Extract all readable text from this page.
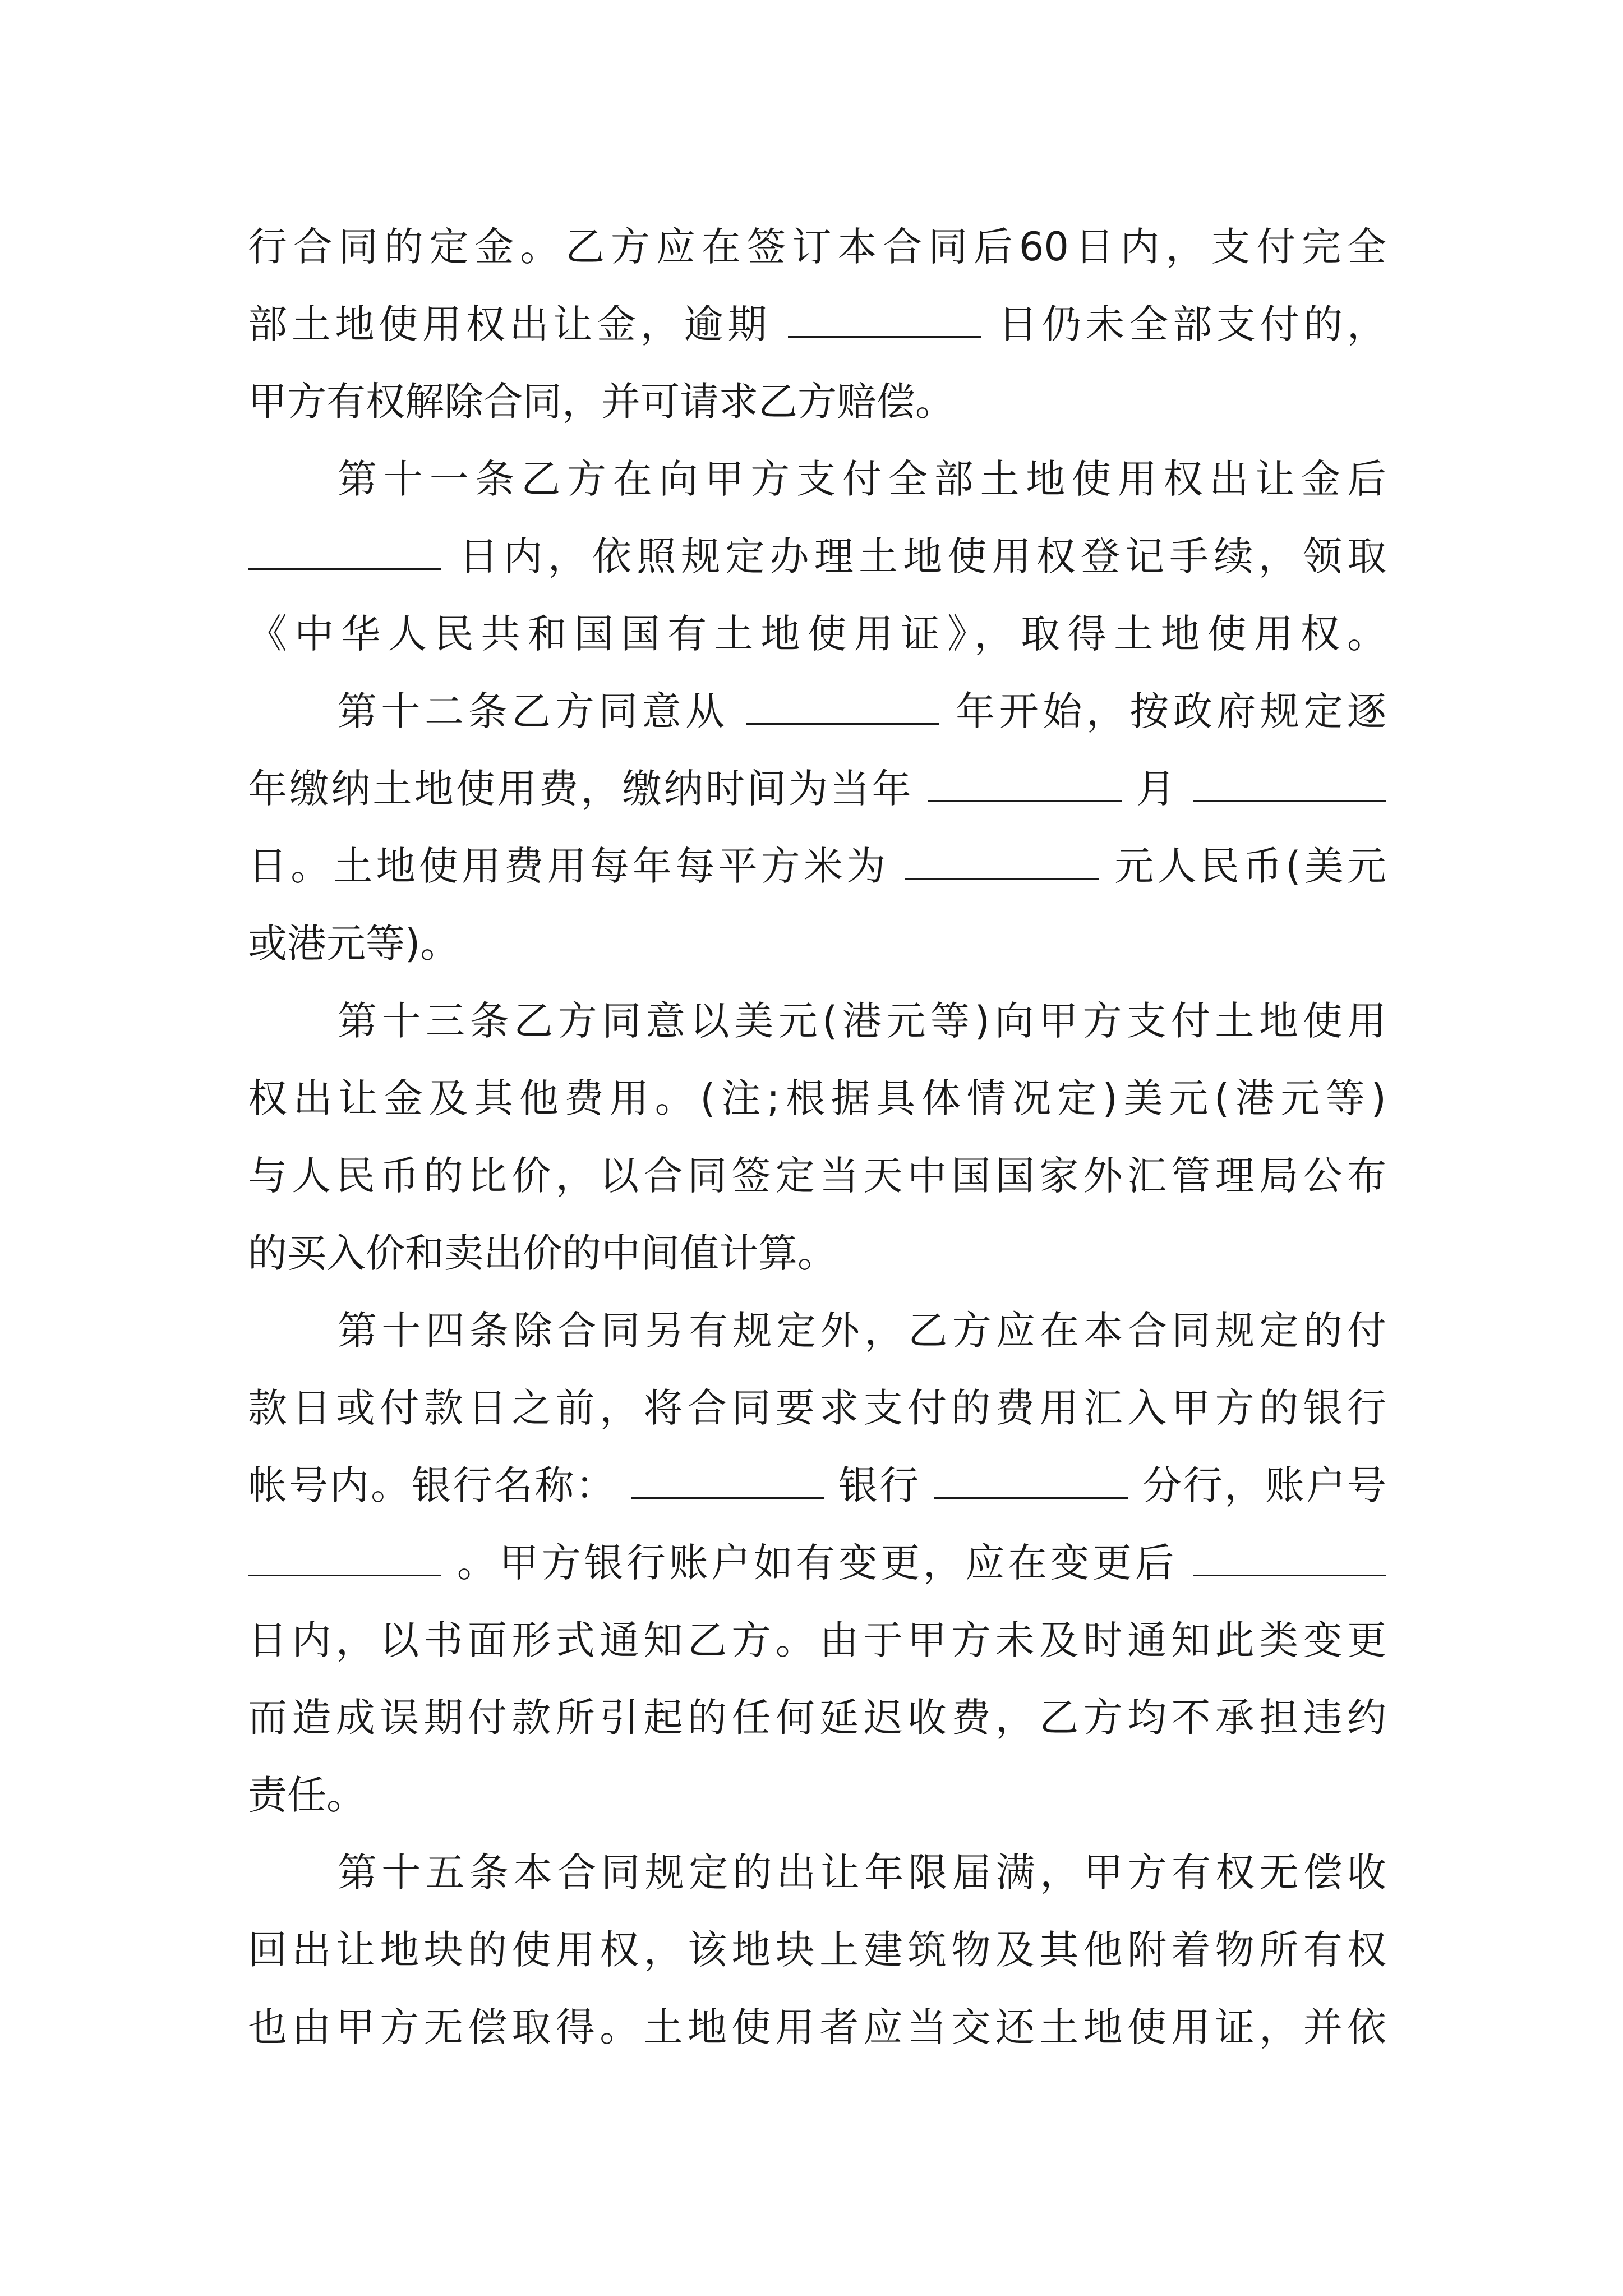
行合同的定金。乙方应在签订本合同后60日内，支付完全
部土地使用权出让金，逾期	日仍未全部支付的，
甲方有权解除合同，并可请求乙方赔偿。
第十一条乙方在向甲方支付全部土地使用权出让金后
日内，依照规定办理土地使用权登记手续，领取
《中华人民共和国国有土地使用证》，取得土地使用权。
第十二条乙方同意从	年开始，按政府规定逐
年缴纳土地使用费，缴纳时间为当年	月
日。土地使用费用每年每平方米为	元人民币(美元
或港元等)。
第十三条乙方同意以美元(港元等)向甲方支付土地使用
权出让金及其他费用。(注;根据具体情况定)美元(港元等)
与人民币的比价，以合同签定当天中国国家外汇管理局公布
的买入价和卖出价的中间值计算。
第十四条除合同另有规定外，乙方应在本合同规定的付
款日或付款日之前，将合同要求支付的费用汇入甲方的银行
帐号内。银行名称：	银行	分行，账户号
。甲方银行账户如有变更，应在变更后
日内，以书面形式通知乙方。由于甲方未及时通知此类变更
而造成误期付款所引起的任何延迟收费，乙方均不承担违约
责任。
第十五条本合同规定的出让年限届满，甲方有权无偿收
回出让地块的使用权，该地块上建筑物及其他附着物所有权
也由甲方无偿取得。土地使用者应当交还土地使用证，并依
